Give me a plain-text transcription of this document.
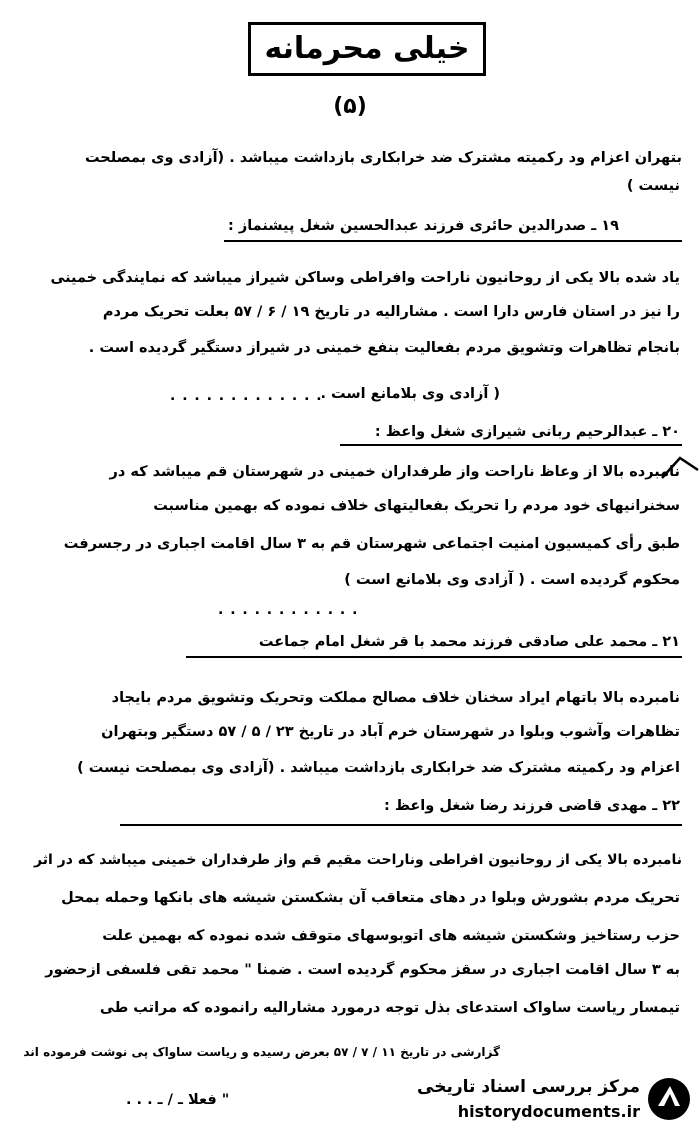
خیلی محرمانه
(۵)
بتهران اعزام ود رکمیته مشترک ضد خرابکاری بازداشت میباشد . (آزادی وی بمصلحت
نیست )
۱۹ ـ صدرالدین حائری فرزند عبدالحسین شغل پیشنماز :
یاد شده بالا یکی از روحانیون ناراحت وافراطی وساکن شیراز میباشد که نمایندگی خمینی
را نیز در استان فارس دارا است . مشارالیه در تاریخ ۱۹ / ۶ / ۵۷ بعلت تحریک مردم
بانجام تظاهرات وتشویق مردم بفعالیت بنفع خمینی در شیراز دستگیر گردیده است .
( آزادی وی بلامانع است .
. . . . . . . . . . . . .
۲۰ ـ عبدالرحیم ربانی شیرازی شغل واعظ :
نامبرده بالا از وعاظ ناراحت واز طرفداران خمینی در شهرستان قم میباشد که در
سخنرانیهای خود مردم را تحریک بفعالیتهای خلاف نموده که بهمین مناسبت
طبق رأی کمیسیون امنیت اجتماعی شهرستان قم به ۳ سال اقامت اجباری در رجسرفت
محکوم گردیده است . ( آزادی وی بلامانع است )
. . . . . . . . . . . .
۲۱ ـ محمد علی صادقی فرزند محمد با قر شغل امام جماعت
نامبرده بالا باتهام ایراد سخنان خلاف مصالح مملکت وتحریک وتشویق مردم بایجاد
تظاهرات وآشوب وبلوا در شهرستان خرم آباد در تاریخ ۲۳ / ۵ / ۵۷ دستگیر وبتهران
اعزام ود رکمیته مشترک ضد خرابکاری بازداشت میباشد . (آزادی وی بمصلحت نیست )
۲۲ ـ مهدی قاضی فرزند رضا شغل واعظ :
نامبرده بالا یکی از روحانیون افراطی وناراحت مقیم قم واز طرفداران خمینی میباشد که در اثر
تحریک مردم بشورش وبلوا در دهای متعاقب آن بشکستن شیشه های بانکها وحمله بمحل
حزب رستاخیز وشکستن شیشه های اتوبوسهای متوقف شده نموده که بهمین علت
به ۳ سال اقامت اجباری در سقز محکوم گردیده است . ضمنا " محمد تقی فلسفی ازحضور
تیمسار ریاست ساواک استدعای بذل توجه درمورد مشارالیه رانموده که مراتب طی
گزارشی در تاریخ ۱۱ / ۷ / ۵۷ بعرض رسیده و ریاست ساواک پی نوشت فرموده اند
" فعلا ـ / ـ . . .
مرکز بررسی اسناد تاریخی
historydocuments.ir
